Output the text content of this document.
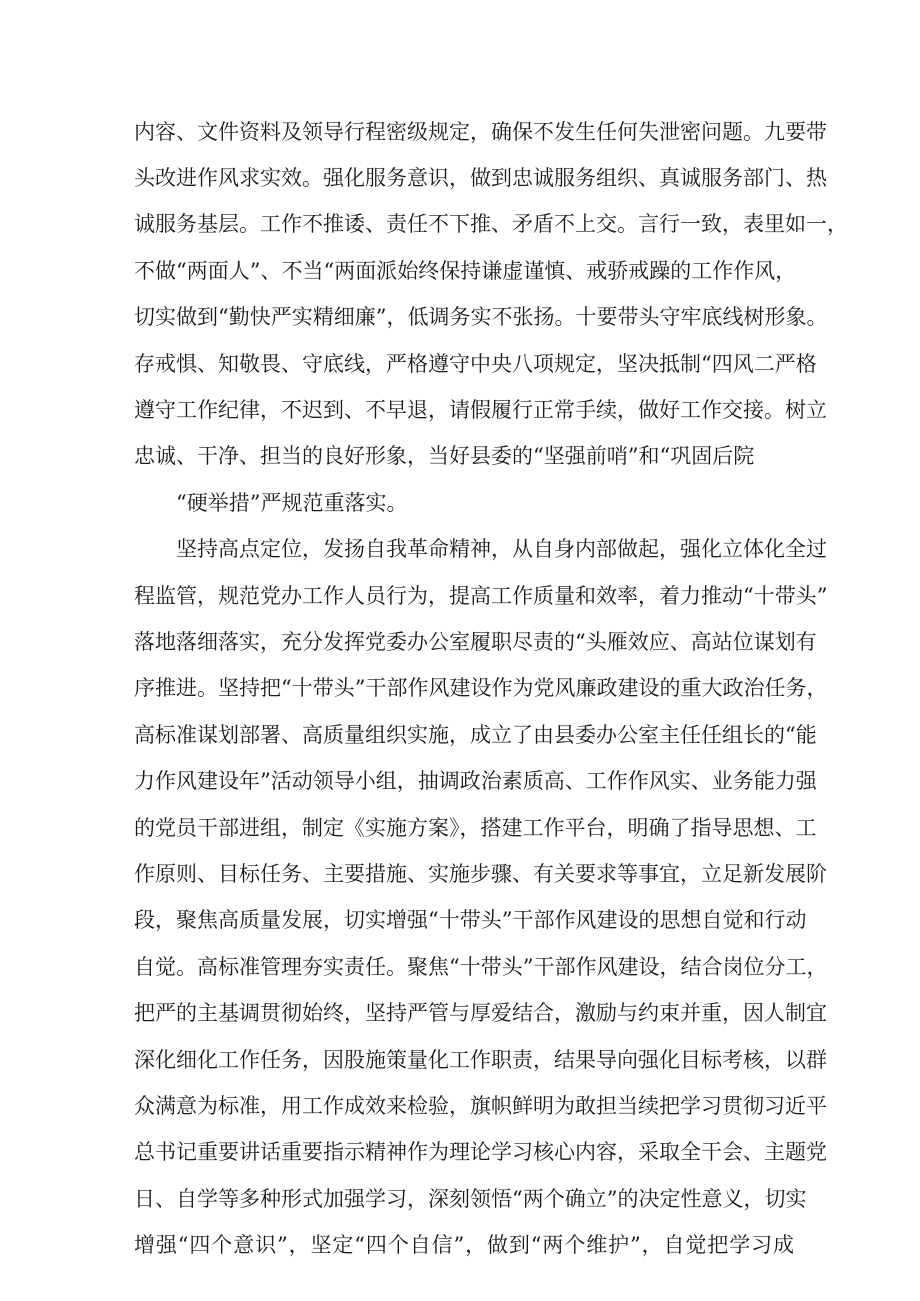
内容、文件资料及领导行程密级规定，确保不发生任何失泄密问题。九要带
头改进作风求实效。强化服务意识，做到忠诚服务组织、真诚服务部门、热
诚服务基层。工作不推诿、责任不下推、矛盾不上交。言行一致，表里如一，
不做“两面人”、不当“两面派始终保持谦虚谨慎、戒骄戒躁的工作作风，
切实做到“勤快严实精细廉”，低调务实不张扬。十要带头守牢底线树形象。
存戒惧、知敬畏、守底线，严格遵守中央八项规定，坚决抵制“四风二严格
遵守工作纪律，不迟到、不早退，请假履行正常手续，做好工作交接。树立
忠诚、干净、担当的良好形象，当好县委的“坚强前哨”和“巩固后院
“硬举措”严规范重落实。
坚持高点定位，发扬自我革命精神，从自身内部做起，强化立体化全过
程监管，规范党办工作人员行为，提高工作质量和效率，着力推动“十带头”
落地落细落实，充分发挥党委办公室履职尽责的“头雁效应、高站位谋划有
序推进。坚持把“十带头”干部作风建设作为党风廉政建设的重大政治任务，
高标准谋划部署、高质量组织实施，成立了由县委办公室主任任组长的“能
力作风建设年”活动领导小组，抽调政治素质高、工作作风实、业务能力强
的党员干部进组，制定《实施方案》，搭建工作平台，明确了指导思想、工
作原则、目标任务、主要措施、实施步骤、有关要求等事宜，立足新发展阶
段，聚焦高质量发展，切实增强“十带头”干部作风建设的思想自觉和行动
自觉。高标准管理夯实责任。聚焦“十带头”干部作风建设，结合岗位分工，
把严的主基调贯彻始终，坚持严管与厚爱结合，激励与约束并重，因人制宜
深化细化工作任务，因股施策量化工作职责，结果导向强化目标考核，以群
众满意为标准，用工作成效来检验，旗帜鲜明为敢担当续把学习贯彻习近平
总书记重要讲话重要指示精神作为理论学习核心内容，采取全干会、主题党
日、自学等多种形式加强学习，深刻领悟“两个确立”的决定性意义，切实
增强“四个意识”，坚定“四个自信”，做到“两个维护”，自觉把学习成
